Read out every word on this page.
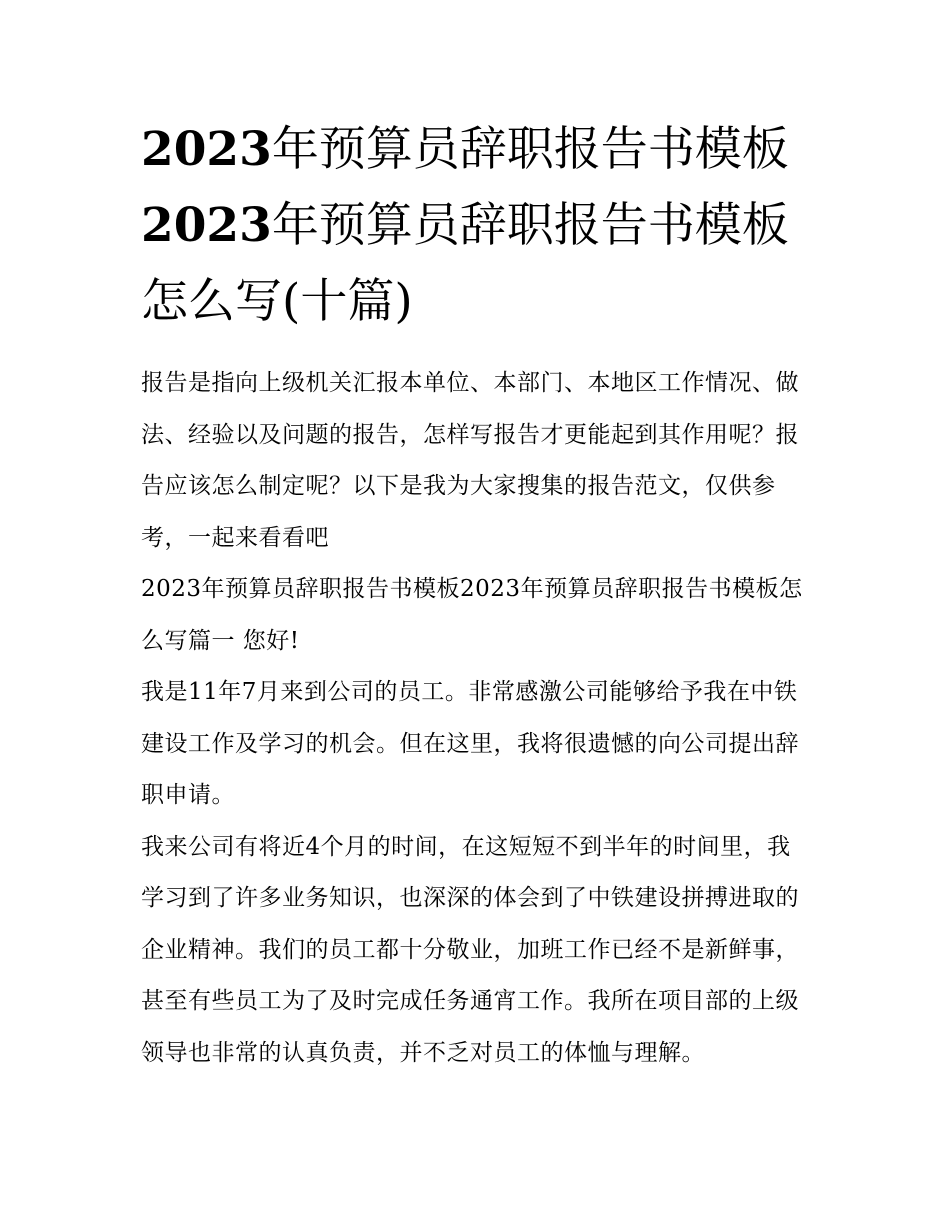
2023年预算员辞职报告书模板
2023年预算员辞职报告书模板
怎么写(十篇)

报告是指向上级机关汇报本单位、本部门、本地区工作情况、做法、经验以及问题的报告，怎样写报告才更能起到其作用呢？报告应该怎么制定呢？以下是我为大家搜集的报告范文，仅供参考，一起来看看吧

2023年预算员辞职报告书模板2023年预算员辞职报告书模板怎么写篇一 您好!

我是11年7月来到公司的员工。非常感激公司能够给予我在中铁建设工作及学习的机会。但在这里，我将很遗憾的向公司提出辞职申请。

我来公司有将近4个月的时间，在这短短不到半年的时间里，我学习到了许多业务知识，也深深的体会到了中铁建设拼搏进取的企业精神。我们的员工都十分敬业，加班工作已经不是新鲜事，甚至有些员工为了及时完成任务通宵工作。我所在项目部的上级领导也非常的认真负责，并不乏对员工的体恤与理解。
